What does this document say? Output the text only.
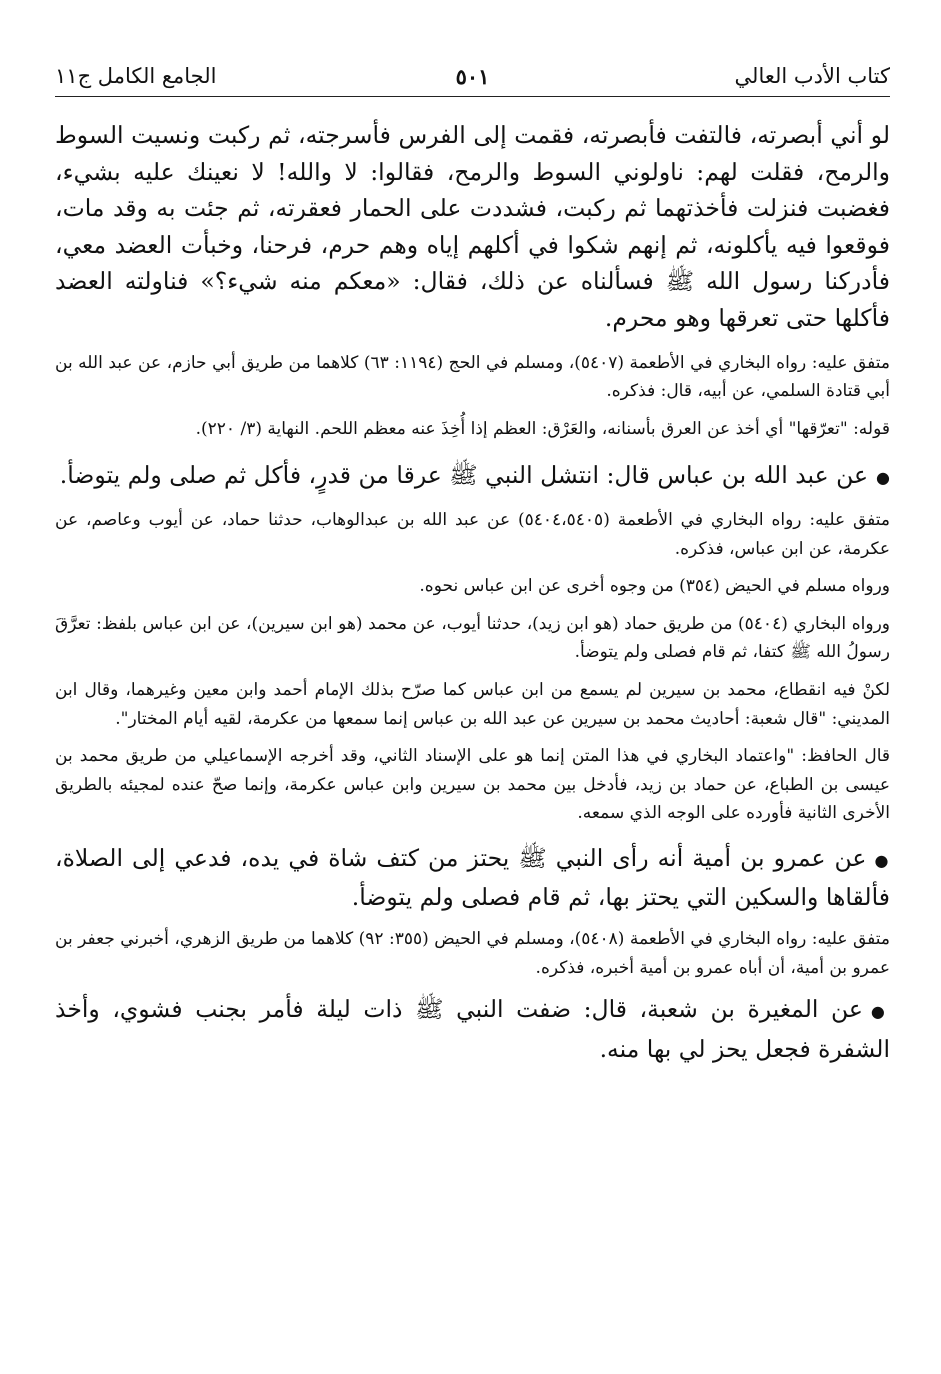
كتاب الأدب العالي
٥٠١
الجامع الكامل ج١١

لو أني أبصرته، فالتفت فأبصرته، فقمت إلى الفرس فأسرجته، ثم ركبت ونسيت السوط والرمح، فقلت لهم: ناولوني السوط والرمح، فقالوا: لا والله! لا نعينك عليه بشيء، فغضبت فنزلت فأخذتهما ثم ركبت، فشددت على الحمار فعقرته، ثم جئت به وقد مات، فوقعوا فيه يأكلونه، ثم إنهم شكوا في أكلهم إياه وهم حرم، فرحنا، وخبأت العضد معي، فأدركنا رسول الله ﷺ فسألناه عن ذلك، فقال: «معكم منه شيء؟» فناولته العضد فأكلها حتى تعرقها وهو محرم.

متفق عليه: رواه البخاري في الأطعمة (٥٤٠٧)، ومسلم في الحج (١١٩٤: ٦٣) كلاهما من طريق أبي حازم، عن عبد الله بن أبي قتادة السلمي، عن أبيه، قال: فذكره.

قوله: "تعرّقها" أي أخذ عن العرق بأسنانه، والعَرْق: العظم إذا أُخِذَ عنه معظم اللحم. النهاية (٣/ ٢٢٠).

●عن عبد الله بن عباس قال: انتشل النبي ﷺ عرقا من قدرٍ، فأكل ثم صلى ولم يتوضأ.

متفق عليه: رواه البخاري في الأطعمة (٥٤٠٤،٥٤٠٥) عن عبد الله بن عبدالوهاب، حدثنا حماد، عن أيوب وعاصم، عن عكرمة، عن ابن عباس، فذكره.

ورواه مسلم في الحيض (٣٥٤) من وجوه أخرى عن ابن عباس نحوه.

ورواه البخاري (٥٤٠٤) من طريق حماد (هو ابن زيد)، حدثنا أيوب، عن محمد (هو ابن سيرين)، عن ابن عباس بلفظ: تعرَّقَ رسولُ الله ﷺ كتفا، ثم قام فصلى ولم يتوضأ.

لكنْ فيه انقطاع، محمد بن سيرين لم يسمع من ابن عباس كما صرّح بذلك الإمام أحمد وابن معين وغيرهما، وقال ابن المديني: "قال شعبة: أحاديث محمد بن سيرين عن عبد الله بن عباس إنما سمعها من عكرمة، لقيه أيام المختار".

قال الحافظ: "واعتماد البخاري في هذا المتن إنما هو على الإسناد الثاني، وقد أخرجه الإسماعيلي من طريق محمد بن عيسى بن الطباع، عن حماد بن زيد، فأدخل بين محمد بن سيرين وابن عباس عكرمة، وإنما صحّ عنده لمجيئه بالطريق الأخرى الثانية فأورده على الوجه الذي سمعه.

●عن عمرو بن أمية أنه رأى النبي ﷺ يحتز من كتف شاة في يده، فدعي إلى الصلاة، فألقاها والسكين التي يحتز بها، ثم قام فصلى ولم يتوضأ.

متفق عليه: رواه البخاري في الأطعمة (٥٤٠٨)، ومسلم في الحيض (٣٥٥: ٩٢) كلاهما من طريق الزهري، أخبرني جعفر بن عمرو بن أمية، أن أباه عمرو بن أمية أخبره، فذكره.

●عن المغيرة بن شعبة، قال: ضفت النبي ﷺ ذات ليلة فأمر بجنب فشوي، وأخذ الشفرة فجعل يحز لي بها منه.
